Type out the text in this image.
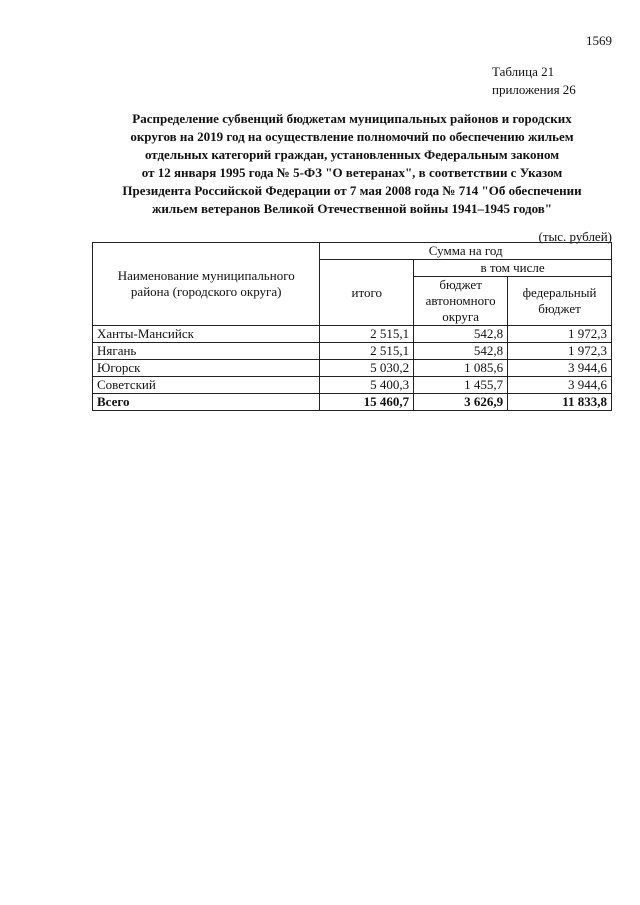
1569
Таблица 21
приложения 26
Распределение субвенций бюджетам муниципальных районов и городских
округов на 2019 год на осуществление полномочий по обеспечению жильем
отдельных категорий граждан, установленных Федеральным законом
от 12 января 1995 года № 5-ФЗ "О ветеранах", в соответствии с Указом
Президента Российской Федерации от 7 мая 2008 года № 714 "Об обеспечении
жильем ветеранов Великой Отечественной войны 1941–1945 годов"
(тыс. рублей)
Наименование муниципального района (городского округа)	Сумма на год		
	итого	в том числе	
		бюджет автономного округа	федеральный бюджет
Ханты-Мансийск	2 515,1	542,8	1 972,3
Нягань	2 515,1	542,8	1 972,3
Югорск	5 030,2	1 085,6	3 944,6
Советский	5 400,3	1 455,7	3 944,6
Всего	15 460,7	3 626,9	11 833,8
